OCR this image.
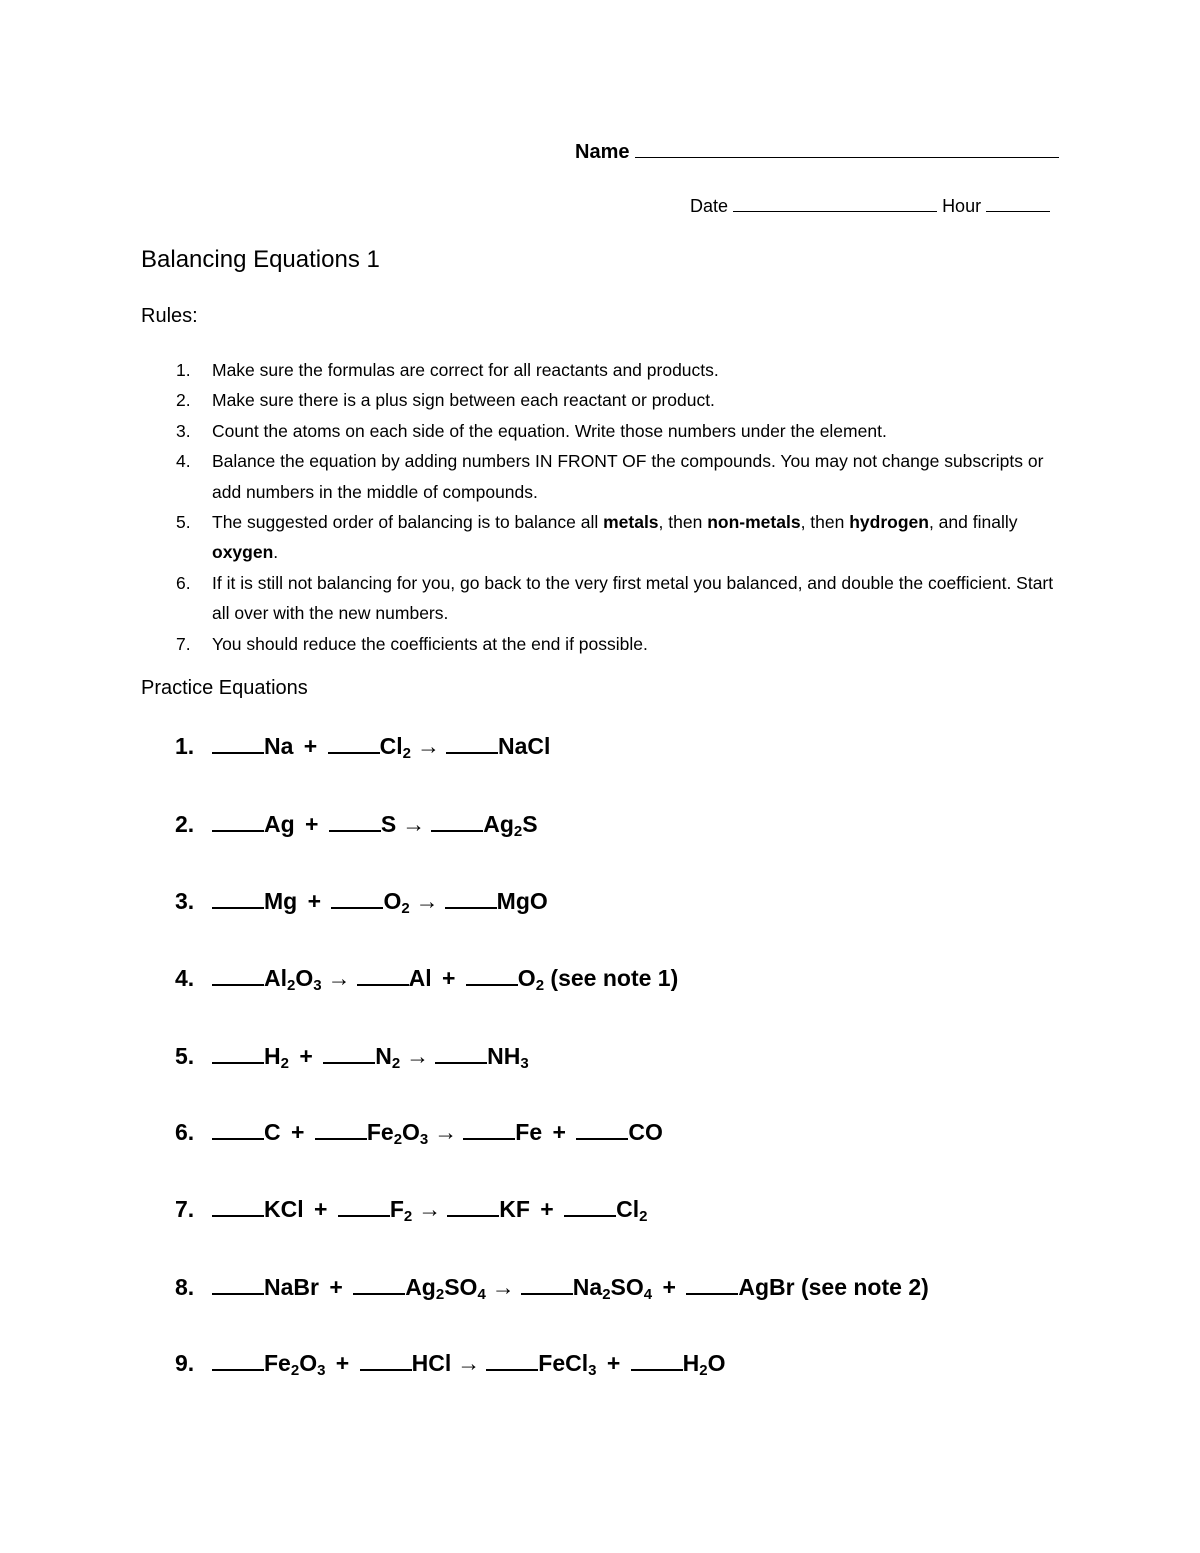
Name
Date	Hour
Balancing Equations 1
Rules:
1. Make sure the formulas are correct for all reactants and products.
2. Make sure there is a plus sign between each reactant or product.
3. Count the atoms on each side of the equation. Write those numbers under the element.
4. Balance the equation by adding numbers IN FRONT OF the compounds. You may not change subscripts or add numbers in the middle of compounds.
5. The suggested order of balancing is to balance all metals, then non-metals, then hydrogen, and finally oxygen.
6. If it is still not balancing for you, go back to the very first metal you balanced, and double the coefficient. Start all over with the new numbers.
7. You should reduce the coefficients at the end if possible.
Practice Equations
1.	$Na + Cl_2$ →	NaCl
2.	Ag + S →	$Ag_2S$
3.	$Mg + O_2$ →	MgO
4.	$Al_2O_3$ →	$Al + O_2$ (see note 1)
5.	$H_2 + N_2$ →	$NH_3$
6.	$C + Fe_2O_3$ →	Fe + CO
7.	KCl + $F_2$ →	KF + $Cl_2$
8.	NaBr + $Ag_2SO_4$ →	$Na_2SO_4$ + AgBr (see note 2)
9.	$Fe_2O_3$ + HCl →	FeCl$_3$ + $H_2O$
